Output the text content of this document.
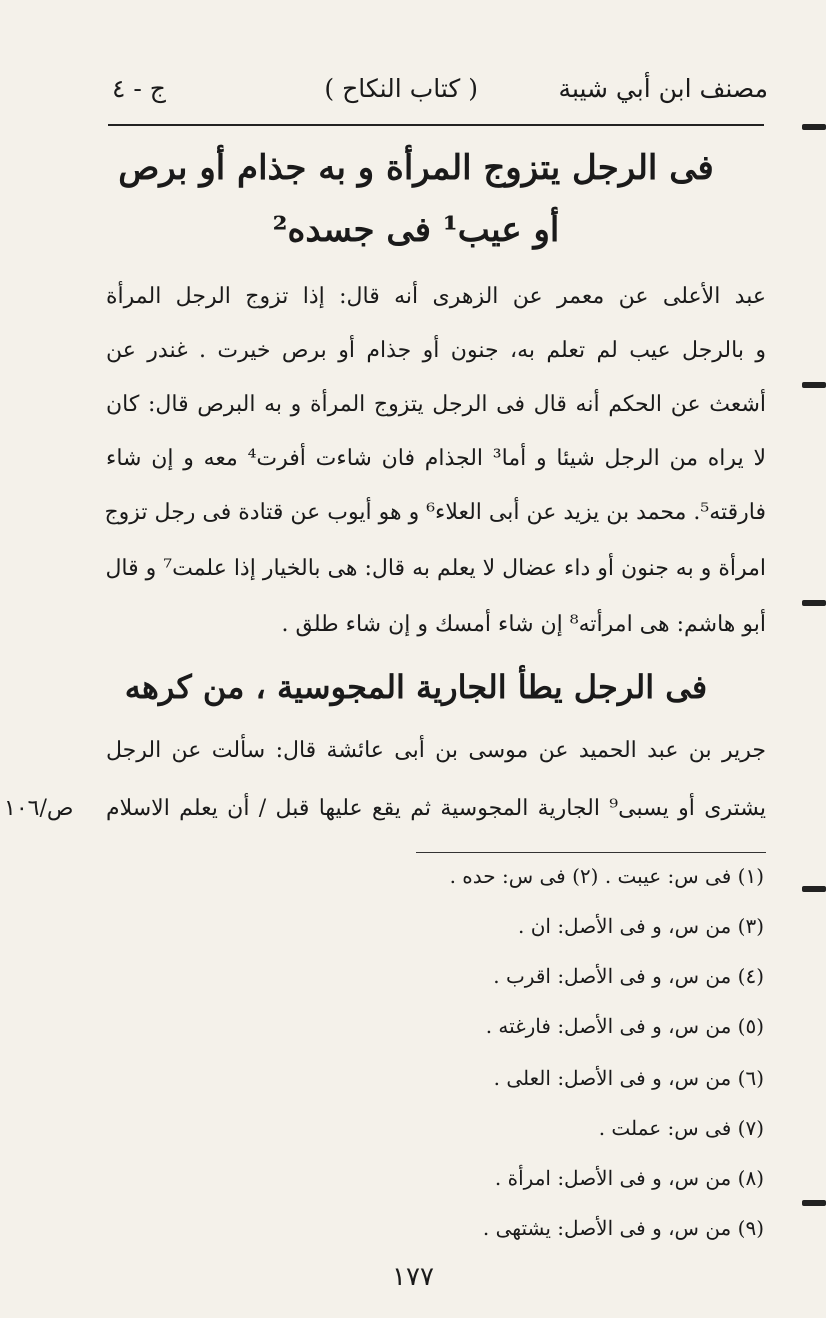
مصنف ابن أبي شيبة
( كتاب النكاح )
ج - ٤
فى الرجل يتزوج المرأة و به جذام أو برص
أو عيب¹ فى جسده²
عبد الأعلى عن معمر عن الزهرى أنه قال: إذا تزوج الرجل المرأة
و بالرجل عيب لم تعلم به، جنون أو جذام أو برص خيرت . غندر عن
أشعث عن الحكم أنه قال فى الرجل يتزوج المرأة و به البرص قال: كان
لا يراه من الرجل شيئا و أما³ الجذام فان شاءت أفرت⁴ معه و إن شاء
فارقته⁵. محمد بن يزيد عن أبى العلاء⁶ و هو أيوب عن قتادة فى رجل تزوج
امرأة و به جنون أو داء عضال لا يعلم به قال: هى بالخيار إذا علمت⁷ و قال
أبو هاشم: هى امرأته⁸ إن شاء أمسك و إن شاء طلق .
فى الرجل يطأ الجارية المجوسية ، من كرهه
جرير بن عبد الحميد عن موسى بن أبى عائشة قال: سألت عن الرجل
يشترى أو يسبى⁹ الجارية المجوسية ثم يقع عليها قبل / أن يعلم الاسلام
ص/١٠٦
(١) فى س: عيبت . (٢) فى س: حده .
(٣) من س، و فى الأصل: ان .
(٤) من س، و فى الأصل: اقرب .
(٥) من س، و فى الأصل: فارغته .
(٦) من س، و فى الأصل: العلى .
(٧) فى س: عملت .
(٨) من س، و فى الأصل: امرأة .
(٩) من س، و فى الأصل: يشتهى .
١٧٧
